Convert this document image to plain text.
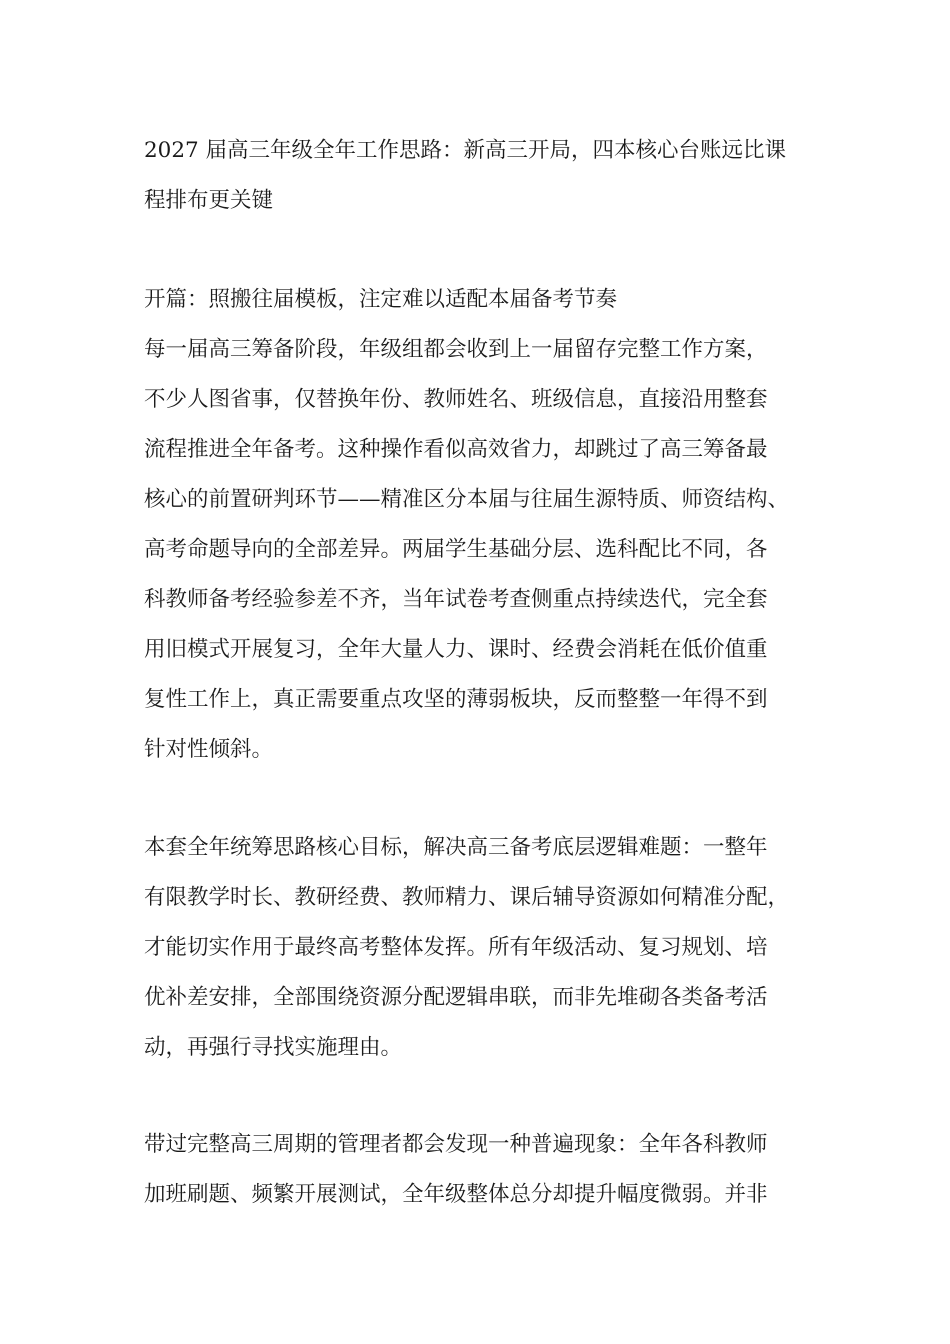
2027 届高三年级全年工作思路：新高三开局，四本核心台账远比课
程排布更关键
开篇：照搬往届模板，注定难以适配本届备考节奏
每一届高三筹备阶段，年级组都会收到上一届留存完整工作方案，
不少人图省事，仅替换年份、教师姓名、班级信息，直接沿用整套
流程推进全年备考。这种操作看似高效省力，却跳过了高三筹备最
核心的前置研判环节——精准区分本届与往届生源特质、师资结构、
高考命题导向的全部差异。两届学生基础分层、选科配比不同，各
科教师备考经验参差不齐，当年试卷考查侧重点持续迭代，完全套
用旧模式开展复习，全年大量人力、课时、经费会消耗在低价值重
复性工作上，真正需要重点攻坚的薄弱板块，反而整整一年得不到
针对性倾斜。
本套全年统筹思路核心目标，解决高三备考底层逻辑难题：一整年
有限教学时长、教研经费、教师精力、课后辅导资源如何精准分配，
才能切实作用于最终高考整体发挥。所有年级活动、复习规划、培
优补差安排，全部围绕资源分配逻辑串联，而非先堆砌各类备考活
动，再强行寻找实施理由。
带过完整高三周期的管理者都会发现一种普遍现象：全年各科教师
加班刷题、频繁开展测试，全年级整体总分却提升幅度微弱。并非
